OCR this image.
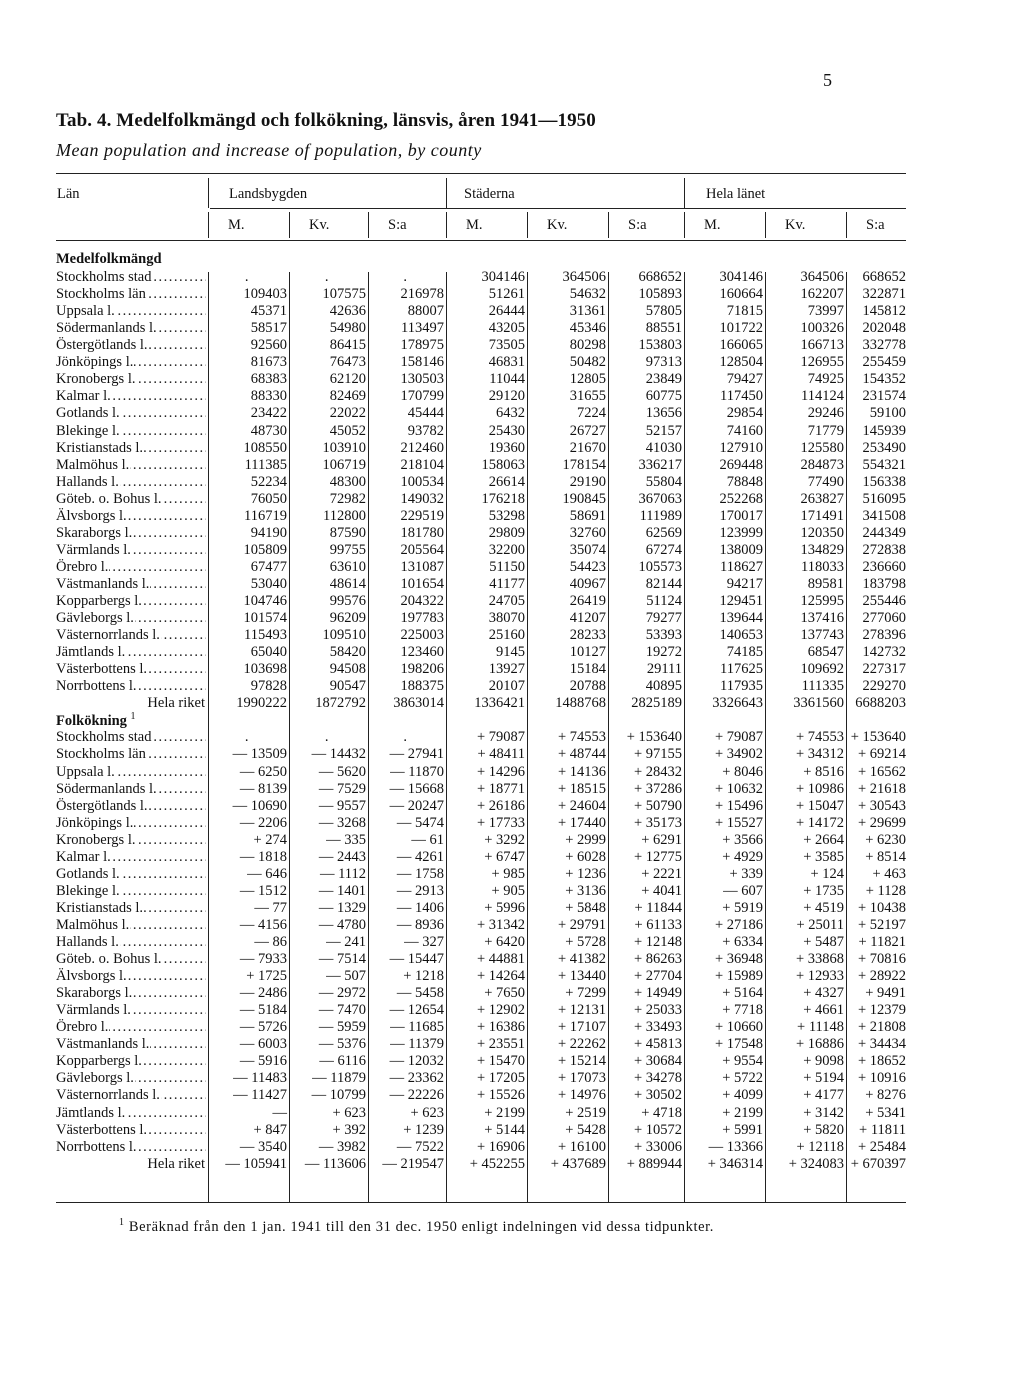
5
Tab. 4. Medelfolkmängd och folkökning, länsvis, åren 1941—1950
Mean population and increase of population, by county
Län	Landsbygden	Städerna	Hela länet
M.	Kv.	S:a	M.	Kv.	S:a	M.	Kv.	S:a
Medelfolkmängd
Stockholms stad .....	.	.	.	304146	364506 668652	304146	364506 668652
Stockholms län .....	109403 107575 216978	51261	54632 105893	160664	162207 322871
Uppsala l. .....	45371	42636	88007	26444	31361	57805	71815	73997 145812
Södermanlands l. .....	58517	54980 113497	43205	45346	88551	101722	100326 202048
Östergötlands l. .....	92560	86415 178975	73505	80298 153803	166065	166713 332778
Jönköpings l. .....	81673	76473 158146	46831	50482	97313	128504	126955 255459
Kronobergs l. .....	68383	62120 130503	11044	12805	23849	79427	74925 154352
Kalmar l. .....	88330	82469 170799	29120	31655	60775	117450	114124 231574
Gotlands l. .....	23422	22022	45444	6432	7224	13656	29854	29246 59100
Blekinge l. .....	48730	45052	93782	25430	26727	52157	74160	71779 145939
Kristianstads l. .....	108550 103910 212460	19360	21670	41030	127910	125580 253490
Malmöhus l. .....	111385 106719 218104	158063	178154 336217	269448	284873 554321
Hallands l. .....	52234	48300 100534	26614	29190	55804	78848	77490 156338
Göteb. o. Bohus l. .....	76050	72982 149032	176218	190845 367063	252268	263827 516095
Älvsborgs l. .....	116719 112800 229519	53298	58691 111989	170017	171491 341508
Skaraborgs l. .....	94190	87590 181780	29809	32760	62569	123999	120350 244349
Värmlands l. .....	105809	99755 205564	32200	35074	67274	138009	134829 272838
Örebro l. .....	67477	63610 131087	51150	54423 105573	118627	118033 236660
Västmanlands l. .....	53040	48614 101654	41177	40967	82144	94217	89581 183798
Kopparbergs l. .....	104746	99576 204322	24705	26419	51124	129451	125995 255446
Gävleborgs l. .....	101574	96209 197783	38070	41207	79277	139644	137416 277060
Västernorrlands l. .....	115493 109510 225003	25160	28233	53393	140653	137743 278396
Jämtlands l. .....	65040	58420 123460	9145	10127	19272	74185	68547 142732
Västerbottens l. .....	103698	94508 198206	13927	15184	29111	117625	109692 227317
Norrbottens l. .....	97828	90547 188375	20107	20788	40895	117935	111335 229270
Hela riket 1990222 1872792 3863014 1336421 1488768 2825189 3326643 3361560 6688203
Folkökning $^1$
Stockholms stad .....	.	.	.	+ 79087 + 74553 + 153640 + 79087 + 74553 + 153640
Stockholms län .....	— 13509 — 14432 — 27941 + 48411 + 48744 + 97155 + 34902 + 34312 + 69214
Uppsala l. .....	— 6250 — 5620 — 11870 + 14296 + 14136 + 28432	+ 8046	+ 8516 + 16562
Södermanlands l. .....	— 8139 — 7529 — 15668 + 18771 + 18515 + 37286 + 10632 + 10986 + 21618
Östergötlands l. .....	— 10690 — 9557 — 20247 + 26186 + 24604 + 50790 + 15496 + 15047 + 30543
Jönköpings l. .....	— 2206 — 3268 — 5474 + 17733 + 17440 + 35173 + 15527 + 14172 + 29699
Kronobergs l. .....	+ 274	— 335	— 61	+ 3292	+ 2999 + 6291	+ 3566	+ 2664 + 6230
Kalmar l. .....	— 1818 — 2443 — 4261	+ 6747	+ 6028 + 12775	+ 4929	+ 3585 + 8514
Gotlands l. .....	— 646 — 1112 — 1758	+ 985	+ 1236 + 2221	+ 339	+ 124 + 463
Blekinge l. .....	— 1512 — 1401 — 2913	+ 905	+ 3136 + 4041	— 607	+ 1735 + 1128
Kristianstads l. .....	— 77 — 1329 — 1406	+ 5996	+ 5848 + 11844	+ 5919	+ 4519 + 10438
Malmöhus l. .....	— 4156 — 4780 — 8936 + 31342 + 29791 + 61133 + 27186 + 25011 + 52197
Hallands l. .....	— 86	— 241	— 327	+ 6420	+ 5728 + 12148	+ 6334	+ 5487 + 11821
Göteb. o. Bohus l. .....	— 7933 — 7514 — 15447 + 44881 + 41382 + 86263 + 36948 + 33868 + 70816
Älvsborgs l. .....	+ 1725	— 507	+ 1218 + 14264 + 13440 + 27704 + 15989 + 12933 + 28922
Skaraborgs l. .....	— 2486 — 2972 — 5458	+ 7650	+ 7299 + 14949	+ 5164	+ 4327 + 9491
Värmlands l. .....	— 5184 — 7470 — 12654 + 12902 + 12131 + 25033	+ 7718	+ 4661 + 12379
Örebro l. .....	— 5726 — 5959 — 11685 + 16386 + 17107 + 33493 + 10660 + 11148 + 21808
Västmanlands l. .....	— 6003 — 5376 — 11379 + 23551 + 22262 + 45813 + 17548 + 16886 + 34434
Kopparbergs l. .....	— 5916 — 6116 — 12032 + 15470 + 15214 + 30684	+ 9554	+ 9098 + 18652
Gävleborgs l. .....	— 11483 — 11879 — 23362 + 17205 + 17073 + 34278	+ 5722	+ 5194 + 10916
Västernorrlands l. .....	— 11427 — 10799 — 22226 + 15526 + 14976 + 30502	+ 4099	+ 4177 + 8276
Jämtlands l. .....	—	+ 623	+ 623	+ 2199	+ 2519 + 4718	+ 2199	+ 3142 + 5341
Västerbottens l. .....	+ 847	+ 392	+ 1239	+ 5144	+ 5428 + 10572	+ 5991	+ 5820 + 11811
Norrbottens l. .....	— 3540 — 3982 — 7522 + 16906 + 16100 + 33006 — 13366 + 12118 + 25484
Hela riket — 105941 — 113606 — 219547 + 452255 + 437689 + 889944 + 346314 + 324083 + 670397
$^1$ Beräknad från den 1 jan. 1941 till den 31 dec. 1950 enligt indelningen vid dessa tidpunkter.
